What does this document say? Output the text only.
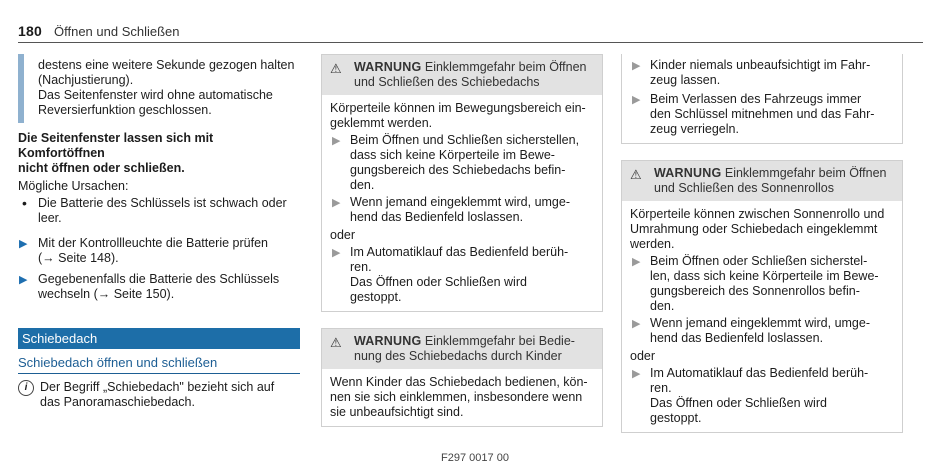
180 Öffnen und Schließen

destens eine weitere Sekunde gezogen halten

(Nachjustierung).

Das Seitenfenster wird ohne automatische

Reversierfunktion geschlossen.

Die Seitenfenster lassen sich mit Komfortöffnen

nicht öffnen oder schließen.

Mögliche Ursachen:

• Die Batterie des Schlüssels ist schwach oder

leer.

▶ Mit der Kontrollleuchte die Batterie prüfen

(→ Seite 148).

▶ Gegebenenfalls die Batterie des Schlüssels

wechseln (→ Seite 150).

Schiebedach
Schiebedach öffnen und schließen
i	Der Begriff „Schiebedach" bezieht sich auf

das Panoramaschiebedach.

⚠ WARNUNG Einklemmgefahr beim Öffnen

und Schließen des Schiebedachs

Körperteile können im Bewegungsbereich ein-

geklemmt werden.

▶ Beim Öffnen und Schließen sicherstellen,

dass sich keine Körperteile im Bewe-

gungsbereich des Schiebedachs befin-

den.

▶ Wenn jemand eingeklemmt wird, umge-

hend das Bedienfeld loslassen.

oder

▶ Im Automatiklauf das Bedienfeld berüh-

ren.

Das Öffnen oder Schließen wird

gestoppt.

⚠ WARNUNG Einklemmgefahr bei Bedie-

nung des Schiebedachs durch Kinder

Wenn Kinder das Schiebedach bedienen, kön-

nen sie sich einklemmen, insbesondere wenn

sie unbeaufsichtigt sind.

▶ Kinder niemals unbeaufsichtigt im Fahr-

zeug lassen.

▶ Beim Verlassen des Fahrzeugs immer

den Schlüssel mitnehmen und das Fahr-

zeug verriegeln.

⚠ WARNUNG Einklemmgefahr beim Öffnen

und Schließen des Sonnenrollos

Körperteile können zwischen Sonnenrollo und

Umrahmung oder Schiebedach eingeklemmt

werden.

▶ Beim Öffnen oder Schließen sicherstel-

len, dass sich keine Körperteile im Bewe-

gungsbereich des Sonnenrollos befin-

den.

▶ Wenn jemand eingeklemmt wird, umge-

hend das Bedienfeld loslassen.

oder

▶ Im Automatiklauf das Bedienfeld berüh-

ren.

Das Öffnen oder Schließen wird

gestoppt.

F297 0017 00
